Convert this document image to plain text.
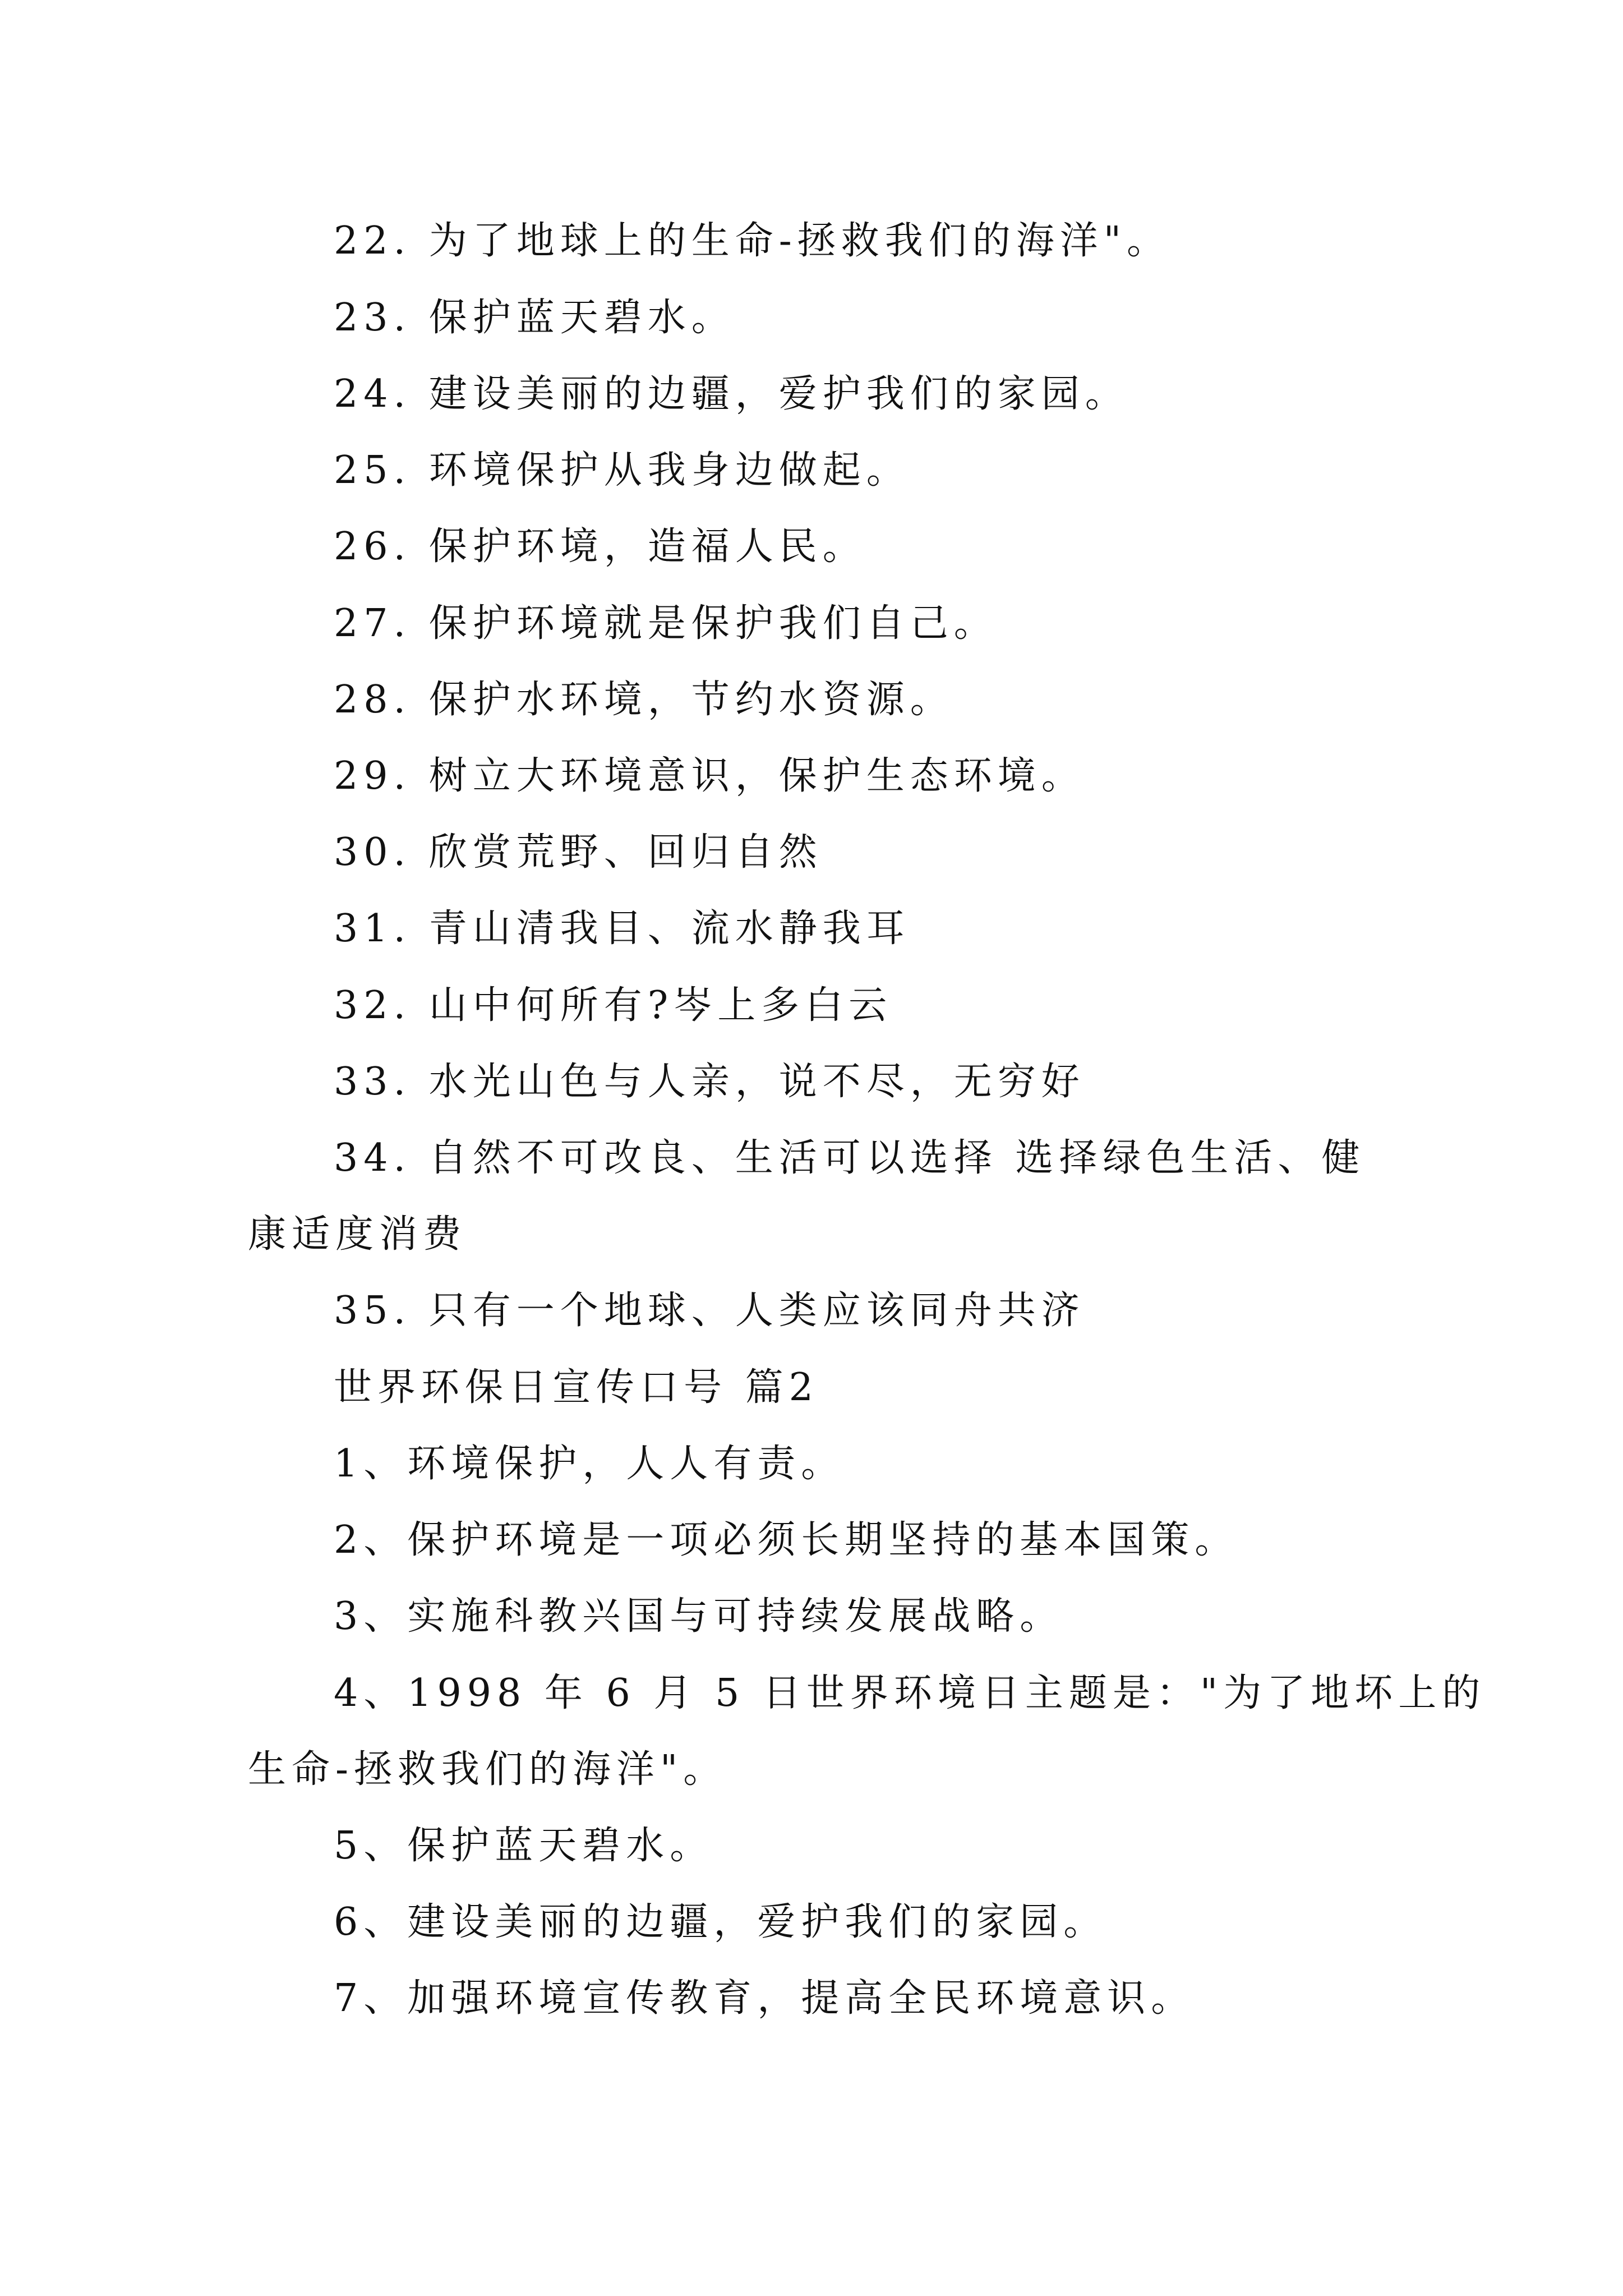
22. 为了地球上的生命-拯救我们的海洋"。
23. 保护蓝天碧水。
24. 建设美丽的边疆，爱护我们的家园。
25. 环境保护从我身边做起。
26. 保护环境，造福人民。
27. 保护环境就是保护我们自己。
28. 保护水环境，节约水资源。
29. 树立大环境意识，保护生态环境。
30. 欣赏荒野、回归自然
31. 青山清我目、流水静我耳
32. 山中何所有?岑上多白云
33. 水光山色与人亲，说不尽，无穷好
34. 自然不可改良、生活可以选择 选择绿色生活、健
康适度消费
35. 只有一个地球、人类应该同舟共济
世界环保日宣传口号 篇2
1、环境保护，人人有责。
2、保护环境是一项必须长期坚持的基本国策。
3、实施科教兴国与可持续发展战略。
4、1998 年 6 月 5 日世界环境日主题是："为了地坏上的
生命-拯救我们的海洋"。
5、保护蓝天碧水。
6、建设美丽的边疆，爱护我们的家园。
7、加强环境宣传教育，提高全民环境意识。
